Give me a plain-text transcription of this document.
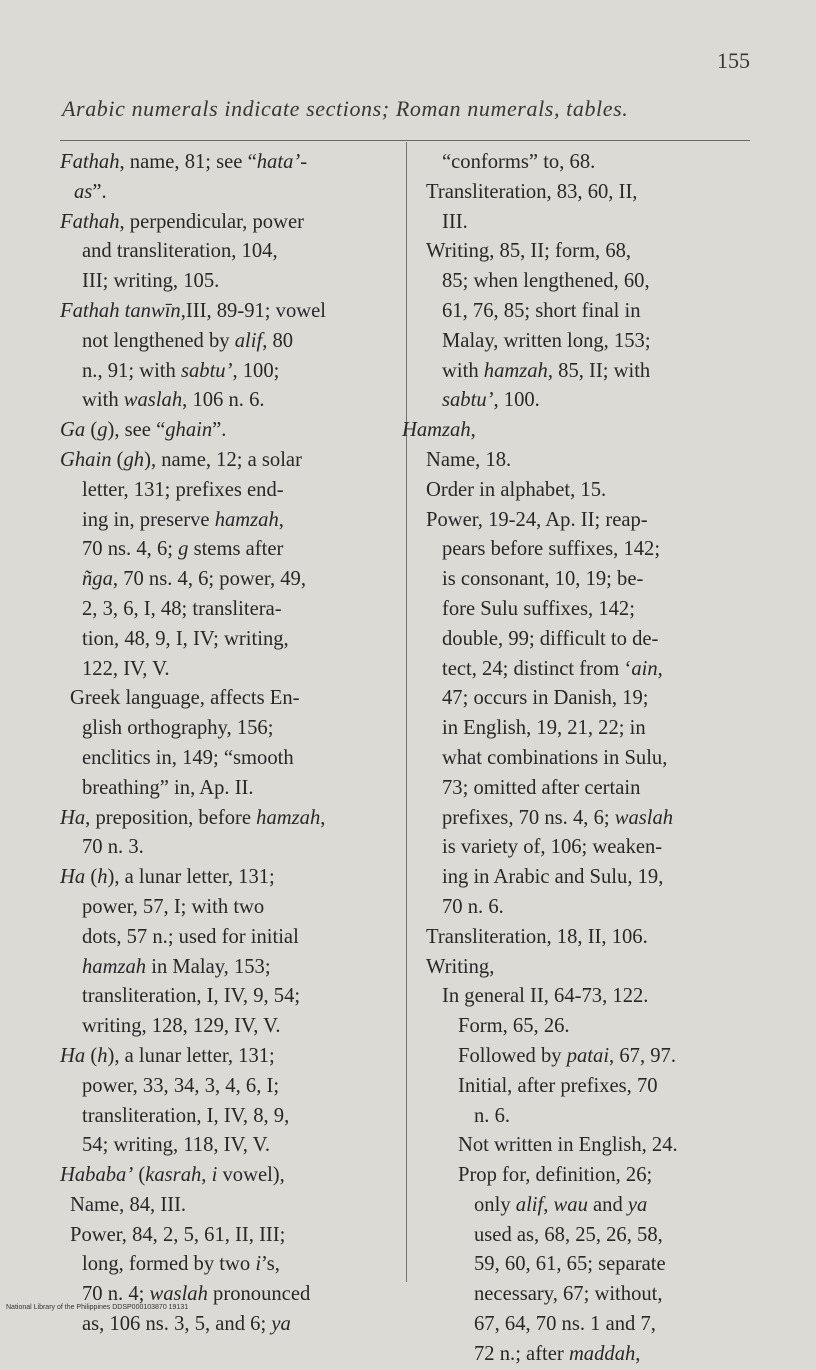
155
Arabic numerals indicate sections; Roman numerals, tables.
Fathah, name, 81; see “hata’-
as”.
Fathah, perpendicular, power
and transliteration, 104,
III; writing, 105.
Fathah tanwīn,III, 89-91; vowel
not lengthened by alif, 80
n., 91; with sabtu’, 100;
with waslah, 106 n. 6.
Ga (g), see “ghain”.
Ghain (gh), name, 12; a solar
letter, 131; prefixes end-
ing in, preserve hamzah,
70 ns. 4, 6; g stems after
ñga, 70 ns. 4, 6; power, 49,
2, 3, 6, I, 48; translitera-
tion, 48, 9, I, IV; writing,
122, IV, V.
Greek language, affects En-
glish orthography, 156;
enclitics in, 149; “smooth
breathing” in, Ap. II.
Ha, preposition, before hamzah,
70 n. 3.
Ha (h), a lunar letter, 131;
power, 57, I; with two
dots, 57 n.; used for initial
hamzah in Malay, 153;
transliteration, I, IV, 9, 54;
writing, 128, 129, IV, V.
Ha (h), a lunar letter, 131;
power, 33, 34, 3, 4, 6, I;
transliteration, I, IV, 8, 9,
54; writing, 118, IV, V.
Hababa’ (kasrah, i vowel),
Name, 84, III.
Power, 84, 2, 5, 61, II, III;
long, formed by two i’s,
70 n. 4; waslah pronounced
as, 106 ns. 3, 5, and 6; ya
“conforms” to, 68.
Transliteration, 83, 60, II,
III.
Writing, 85, II; form, 68,
85; when lengthened, 60,
61, 76, 85; short final in
Malay, written long, 153;
with hamzah, 85, II; with
sabtu’, 100.
Hamzah,
Name, 18.
Order in alphabet, 15.
Power, 19-24, Ap. II; reap-
pears before suffixes, 142;
is consonant, 10, 19; be-
fore Sulu suffixes, 142;
double, 99; difficult to de-
tect, 24; distinct from ‘ain,
47; occurs in Danish, 19;
in English, 19, 21, 22; in
what combinations in Sulu,
73; omitted after certain
prefixes, 70 ns. 4, 6; waslah
is variety of, 106; weaken-
ing in Arabic and Sulu, 19,
70 n. 6.
Transliteration, 18, II, 106.
Writing,
In general II, 64-73, 122.
Form, 65, 26.
Followed by patai, 67, 97.
Initial, after prefixes, 70
n. 6.
Not written in English, 24.
Prop for, definition, 26;
only alif, wau and ya
used as, 68, 25, 26, 58,
59, 60, 61, 65; separate
necessary, 67; without,
67, 64, 70 ns. 1 and 7,
72 n.; after maddah,
National Library of the Philippines DDSP000103870 19131
